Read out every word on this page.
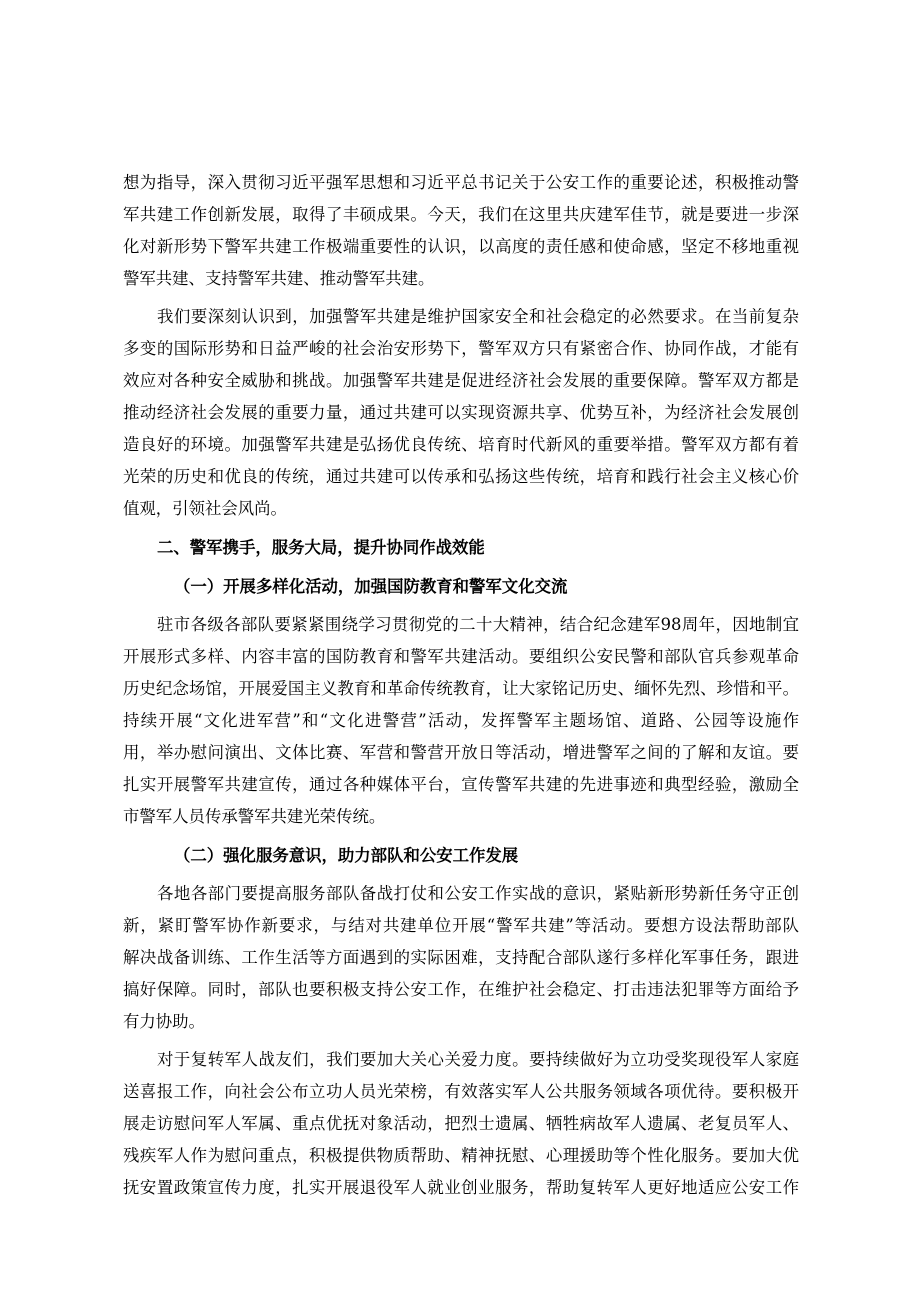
想为指导，深入贯彻习近平强军思想和习近平总书记关于公安工作的重要论述，积极推动警
军共建工作创新发展，取得了丰硕成果。今天，我们在这里共庆建军佳节，就是要进一步深
化对新形势下警军共建工作极端重要性的认识，以高度的责任感和使命感，坚定不移地重视
警军共建、支持警军共建、推动警军共建。
我们要深刻认识到，加强警军共建是维护国家安全和社会稳定的必然要求。在当前复杂
多变的国际形势和日益严峻的社会治安形势下，警军双方只有紧密合作、协同作战，才能有
效应对各种安全威胁和挑战。加强警军共建是促进经济社会发展的重要保障。警军双方都是
推动经济社会发展的重要力量，通过共建可以实现资源共享、优势互补，为经济社会发展创
造良好的环境。加强警军共建是弘扬优良传统、培育时代新风的重要举措。警军双方都有着
光荣的历史和优良的传统，通过共建可以传承和弘扬这些传统，培育和践行社会主义核心价
值观，引领社会风尚。
二、警军携手，服务大局，提升协同作战效能
（一）开展多样化活动，加强国防教育和警军文化交流
驻市各级各部队要紧紧围绕学习贯彻党的二十大精神，结合纪念建军98周年，因地制宜
开展形式多样、内容丰富的国防教育和警军共建活动。要组织公安民警和部队官兵参观革命
历史纪念场馆，开展爱国主义教育和革命传统教育，让大家铭记历史、缅怀先烈、珍惜和平。
持续开展“文化进军营”和“文化进警营”活动，发挥警军主题场馆、道路、公园等设施作
用，举办慰问演出、文体比赛、军营和警营开放日等活动，增进警军之间的了解和友谊。要
扎实开展警军共建宣传，通过各种媒体平台，宣传警军共建的先进事迹和典型经验，激励全
市警军人员传承警军共建光荣传统。
（二）强化服务意识，助力部队和公安工作发展
各地各部门要提高服务部队备战打仗和公安工作实战的意识，紧贴新形势新任务守正创
新，紧盯警军协作新要求，与结对共建单位开展“警军共建”等活动。要想方设法帮助部队
解决战备训练、工作生活等方面遇到的实际困难，支持配合部队遂行多样化军事任务，跟进
搞好保障。同时，部队也要积极支持公安工作，在维护社会稳定、打击违法犯罪等方面给予
有力协助。
对于复转军人战友们，我们要加大关心关爱力度。要持续做好为立功受奖现役军人家庭
送喜报工作，向社会公布立功人员光荣榜，有效落实军人公共服务领域各项优待。要积极开
展走访慰问军人军属、重点优抚对象活动，把烈士遗属、牺牲病故军人遗属、老复员军人、
残疾军人作为慰问重点，积极提供物质帮助、精神抚慰、心理援助等个性化服务。要加大优
抚安置政策宣传力度，扎实开展退役军人就业创业服务，帮助复转军人更好地适应公安工作
